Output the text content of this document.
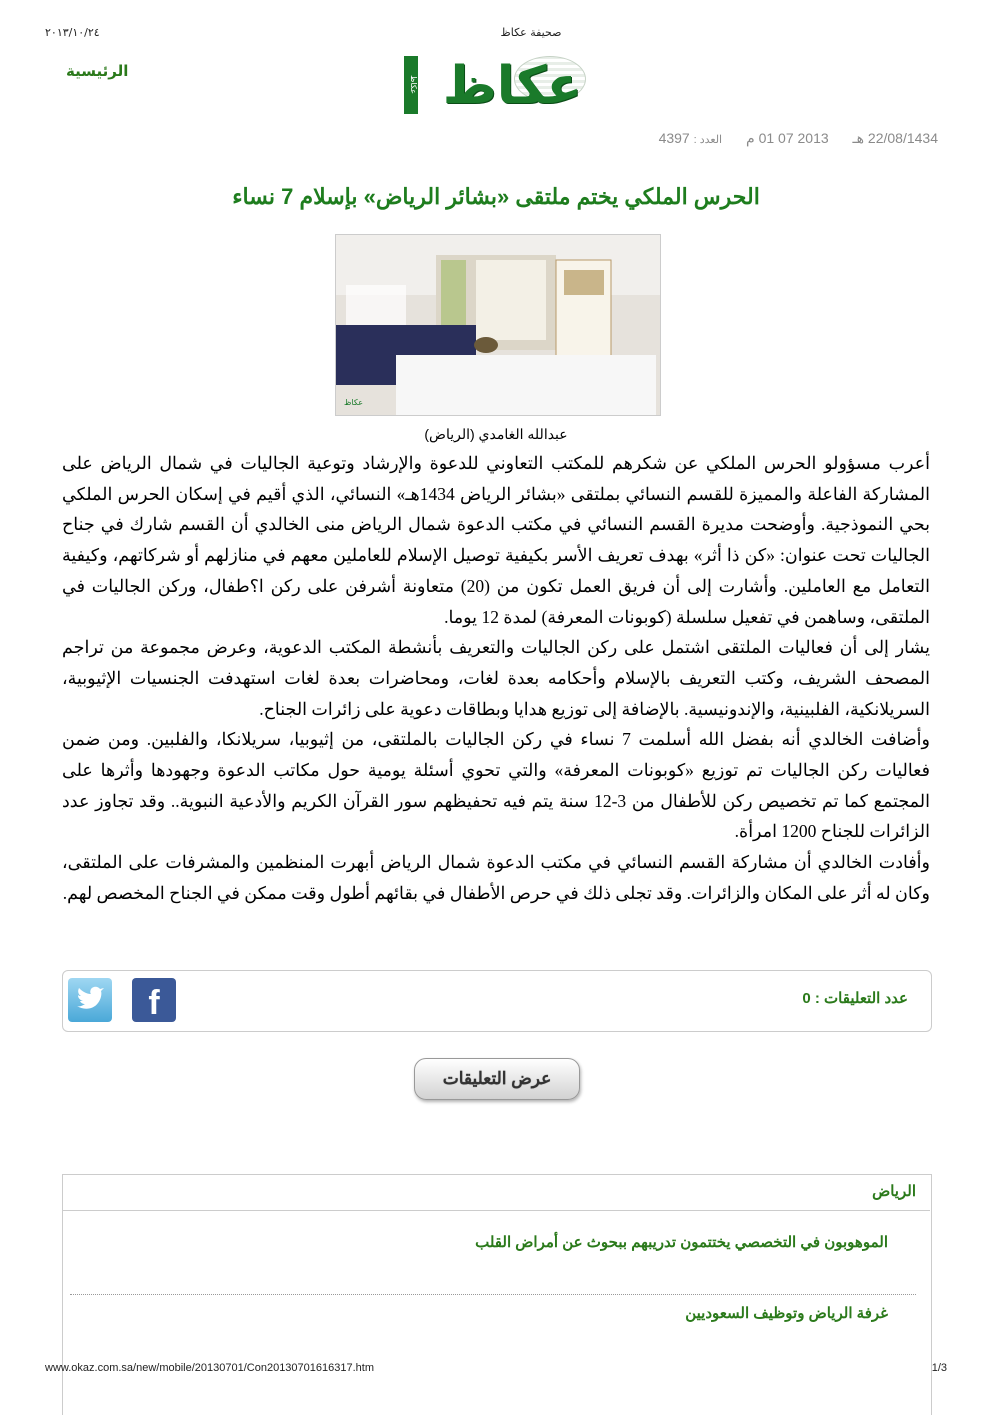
٢٠١٣/١٠/٢٤	صحيفة عكاظ
الرئيسية
عكاظ عكاظ
22/08/1434 هـ 2013 07 01 م العدد : 4397
الحرس الملكي يختم ملتقى «بشائر الرياض» بإسلام 7 نساء
عكاظ
عبدالله الغامدي (الرياض)

أعرب مسؤولو الحرس الملكي عن شكرهم للمكتب التعاوني للدعوة والإرشاد وتوعية الجاليات في شمال الرياض على المشاركة الفاعلة والمميزة للقسم النسائي بملتقى «بشائر الرياض 1434هـ» النسائي، الذي أقيم في إسكان الحرس الملكي بحي النموذجية. وأوضحت مديرة القسم النسائي في مكتب الدعوة شمال الرياض منى الخالدي أن القسم شارك في جناح الجاليات تحت عنوان: «كن ذا أثر» بهدف تعريف الأسر بكيفية توصيل الإسلام للعاملين معهم في منازلهم أو شركاتهم، وكيفية التعامل مع العاملين. وأشارت إلى أن فريق العمل تكون من (20) متعاونة أشرفن على ركن ا؟طفال، وركن الجاليات في الملتقى، وساهمن في تفعيل سلسلة (كوبونات المعرفة) لمدة 12 يوما.

يشار إلى أن فعاليات الملتقى اشتمل على ركن الجاليات والتعريف بأنشطة المكتب الدعوية، وعرض مجموعة من تراجم المصحف الشريف، وكتب التعريف بالإسلام وأحكامه بعدة لغات، ومحاضرات بعدة لغات استهدفت الجنسيات الإثيوبية، السريلانكية، الفلبينية، والإندونيسية. بالإضافة إلى توزيع هدايا وبطاقات دعوية على زائرات الجناح.

وأضافت الخالدي أنه بفضل الله أسلمت 7 نساء في ركن الجاليات بالملتقى، من إثيوبيا، سريلانكا، والفلبين. ومن ضمن فعاليات ركن الجاليات تم توزيع «كوبونات المعرفة» والتي تحوي أسئلة يومية حول مكاتب الدعوة وجهودها وأثرها على المجتمع كما تم تخصيص ركن للأطفال من 3-12 سنة يتم فيه تحفيظهم سور القرآن الكريم والأدعية النبوية.. وقد تجاوز عدد الزائرات للجناح 1200 امرأة.

وأفادت الخالدي أن مشاركة القسم النسائي في مكتب الدعوة شمال الرياض أبهرت المنظمين والمشرفات على الملتقى، وكان له أثر على المكان والزائرات. وقد تجلى ذلك في حرص الأطفال في بقائهم أطول وقت ممكن في الجناح المخصص لهم.

عدد التعليقات : 0
f
عرض التعليقات
الرياض
الموهوبون في التخصصي يختتمون تدريبهم ببحوث عن أمراض القلب
غرفة الرياض وتوظيف السعوديين
www.okaz.com.sa/new/mobile/20130701/Con20130701616317.htm	1/3
